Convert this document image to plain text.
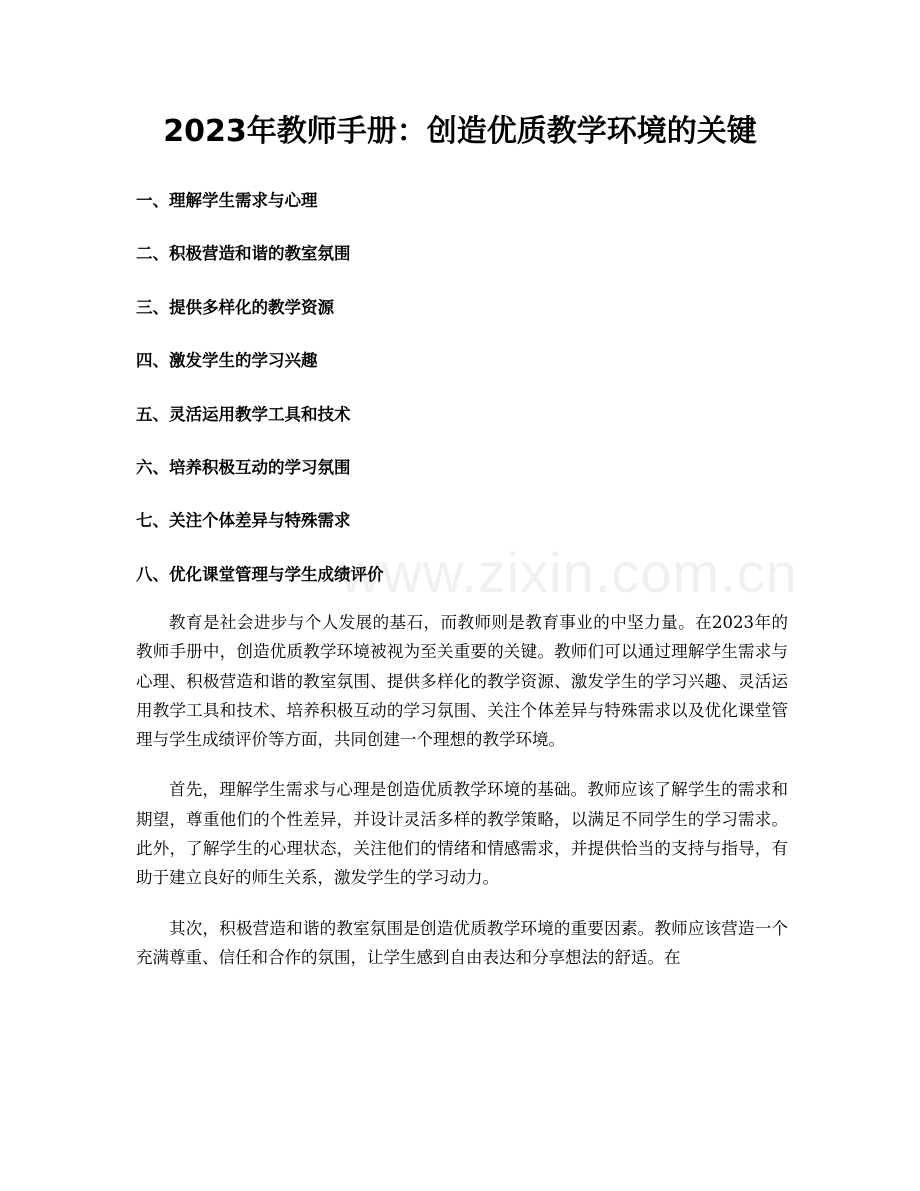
www.zixin.com.cn
2023年教师手册：创造优质教学环境的关键
一、理解学生需求与心理
二、积极营造和谐的教室氛围
三、提供多样化的教学资源
四、激发学生的学习兴趣
五、灵活运用教学工具和技术
六、培养积极互动的学习氛围
七、关注个体差异与特殊需求
八、优化课堂管理与学生成绩评价

教育是社会进步与个人发展的基石，而教师则是教育事业的中坚力量。在2023年的教师手册中，创造优质教学环境被视为至关重要的关键。教师们可以通过理解学生需求与心理、积极营造和谐的教室氛围、提供多样化的教学资源、激发学生的学习兴趣、灵活运用教学工具和技术、培养积极互动的学习氛围、关注个体差异与特殊需求以及优化课堂管理与学生成绩评价等方面，共同创建一个理想的教学环境。

首先，理解学生需求与心理是创造优质教学环境的基础。教师应该了解学生的需求和期望，尊重他们的个性差异，并设计灵活多样的教学策略，以满足不同学生的学习需求。此外，了解学生的心理状态，关注他们的情绪和情感需求，并提供恰当的支持与指导，有助于建立良好的师生关系，激发学生的学习动力。

其次，积极营造和谐的教室氛围是创造优质教学环境的重要因素。教师应该营造一个充满尊重、信任和合作的氛围，让学生感到自由表达和分享想法的舒适。在
